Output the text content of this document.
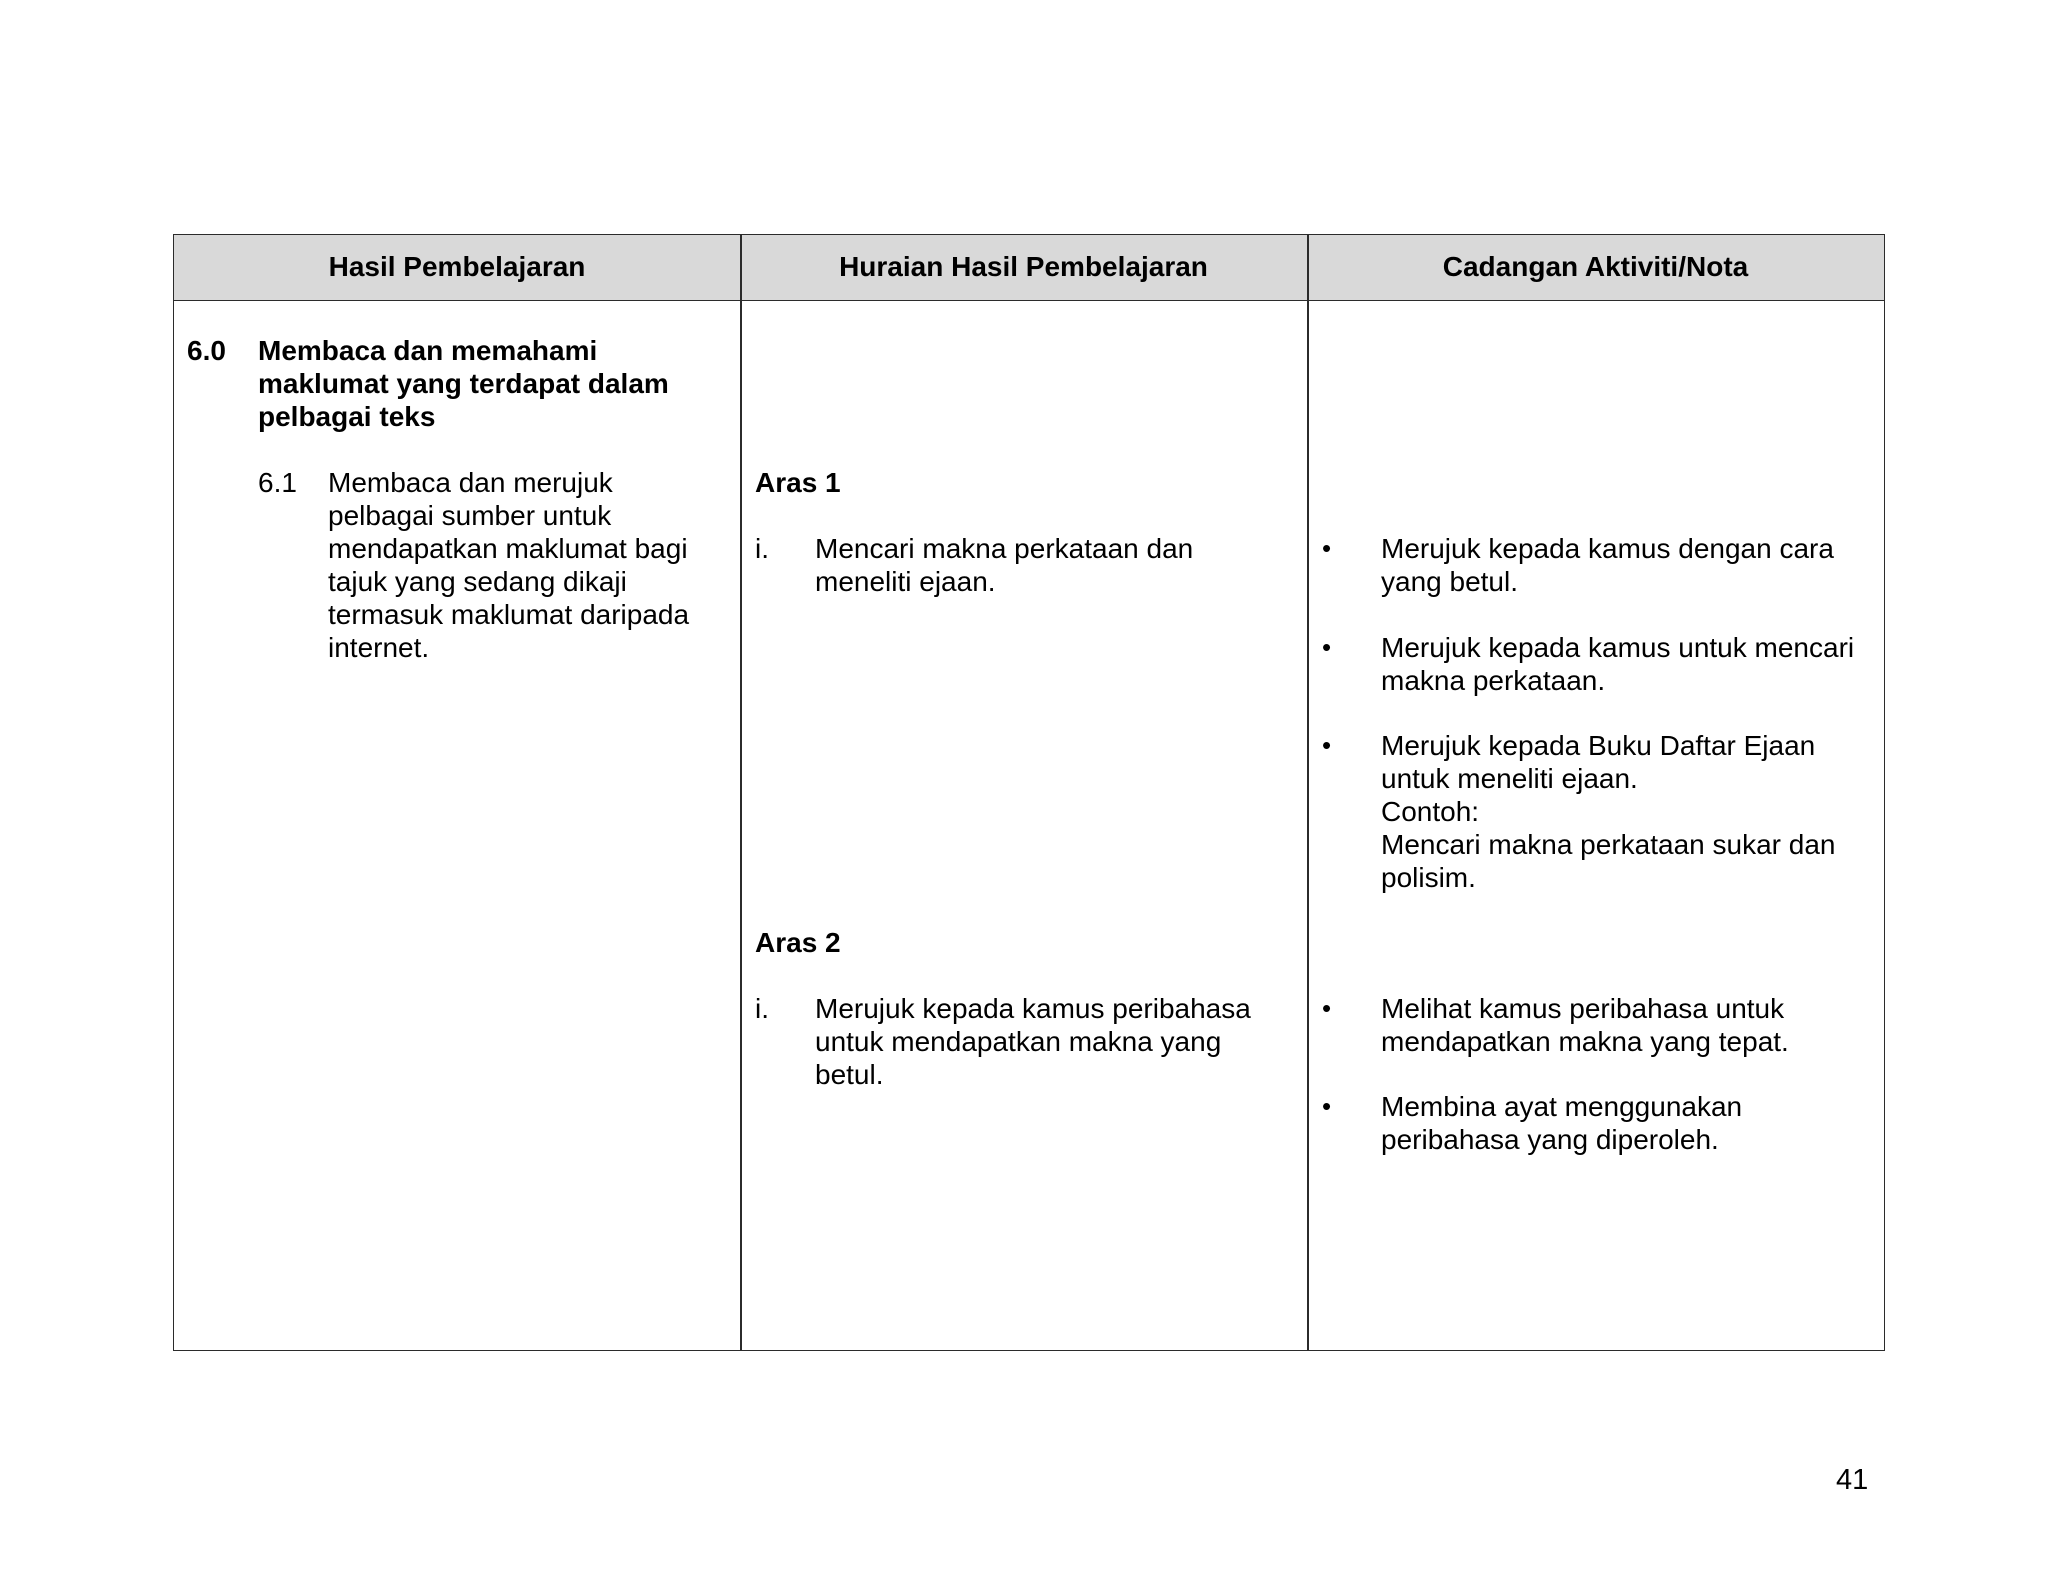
Hasil Pembelajaran	Huraian Hasil Pembelajaran	Cadangan Aktiviti/Nota
6.0 Membaca dan memahami
maklumat yang terdapat dalam
pelbagai teks
6.1 Membaca dan merujuk
pelbagai sumber untuk
mendapatkan maklumat bagi
tajuk yang sedang dikaji
termasuk maklumat daripada
internet.
Aras 1
i. Mencari makna perkataan dan
meneliti ejaan.
Aras 2
i. Merujuk kepada kamus peribahasa
untuk mendapatkan makna yang
betul.
• Merujuk kepada kamus dengan cara
yang betul.
• Merujuk kepada kamus untuk mencari
makna perkataan.
• Merujuk kepada Buku Daftar Ejaan
untuk meneliti ejaan.
Contoh:
Mencari makna perkataan sukar dan
polisim.
• Melihat kamus peribahasa untuk
mendapatkan makna yang tepat.
• Membina ayat menggunakan
peribahasa yang diperoleh.
41
